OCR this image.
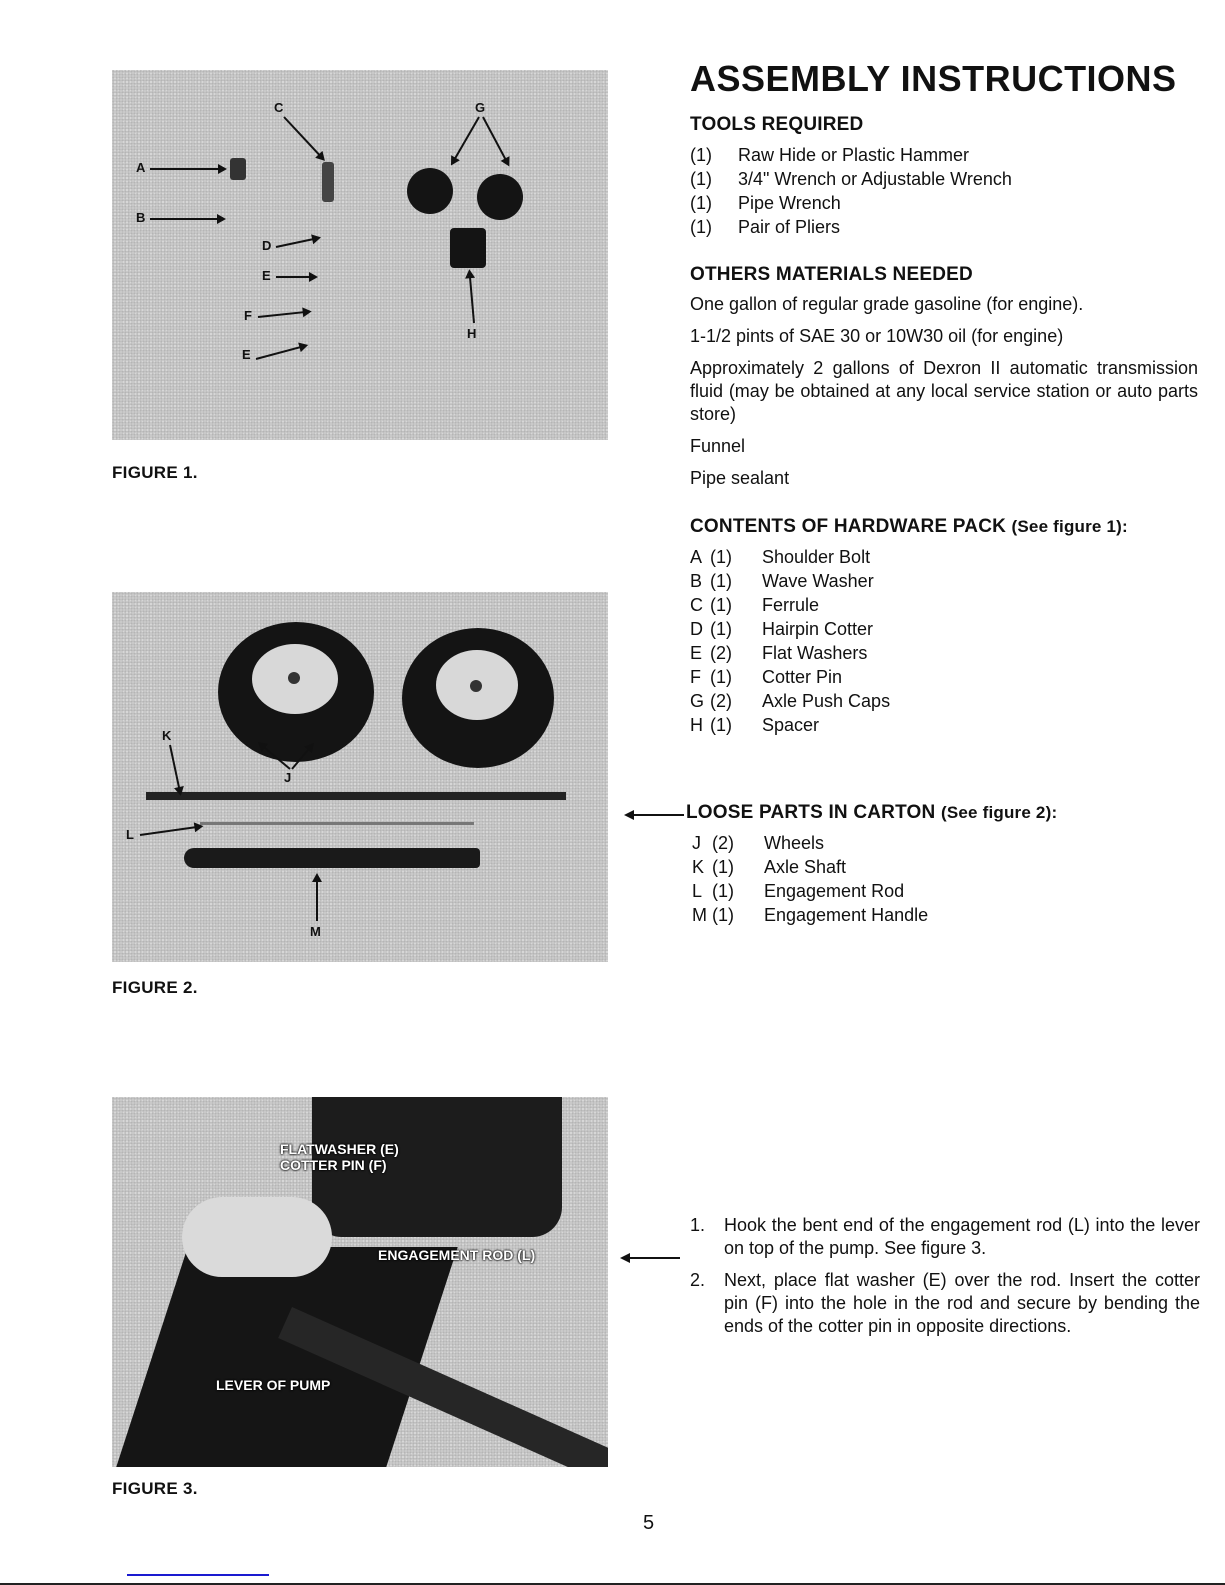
A
B
C
D
E
F
E
G
H
FIGURE 1.
K
J
L
M
FIGURE 2.
FLATWASHER (E)
COTTER PIN (F)
ENGAGEMENT ROD (L)
LEVER OF PUMP
FIGURE 3.
ASSEMBLY INSTRUCTIONS
TOOLS REQUIRED
(1)	Raw Hide or Plastic Hammer
(1)	3/4" Wrench or Adjustable Wrench
(1)	Pipe Wrench
(1)	Pair of Pliers
OTHERS MATERIALS NEEDED

One gallon of regular grade gasoline (for engine).

1-1/2 pints of SAE 30 or 10W30 oil (for engine)

Approximately 2 gallons of Dexron II automatic transmission fluid (may be obtained at any local service station or auto parts store)

Funnel

Pipe sealant

CONTENTS OF HARDWARE PACK (See figure 1):
A (1)	Shoulder Bolt
B (1)	Wave Washer
C (1)	Ferrule
D (1)	Hairpin Cotter
E (2)	Flat Washers
F (1)	Cotter Pin
G (2)	Axle Push Caps
H (1)	Spacer
LOOSE PARTS IN CARTON (See figure 2):
J (2)	Wheels
K (1)	Axle Shaft
L (1)	Engagement Rod
M (1)	Engagement Handle
1.	Hook the bent end of the engagement rod (L) into the lever on top of the pump. See figure 3.
2.	Next, place flat washer (E) over the rod. Insert the cotter pin (F) into the hole in the rod and secure by bending the ends of the cotter pin in opposite directions.
5
